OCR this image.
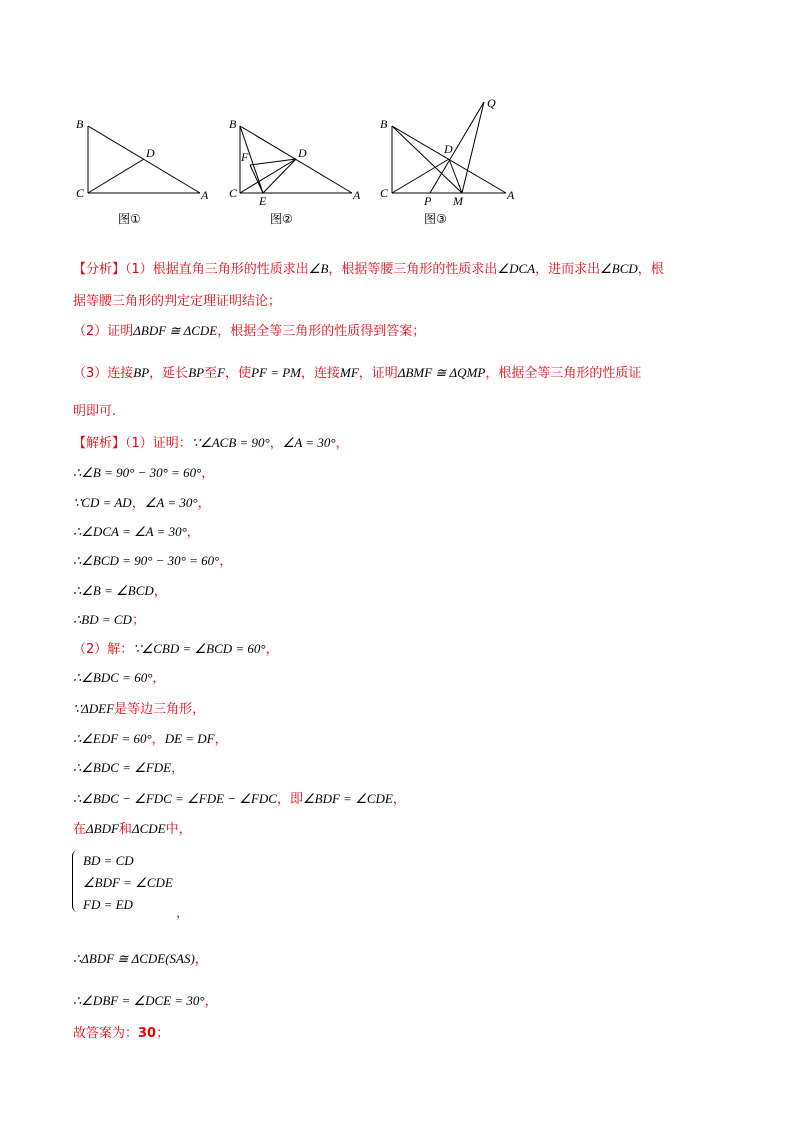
B
C
D
A
图①
B
F	D
C
E	A
图②
Q
B
D
C
P M	A
图③
【分析】（1）根据直角三角形的性质求出∠B，根据等腰三角形的性质求出∠DCA，进而求出∠BCD，根
据等腰三角形的判定定理证明结论；
（2）证明ΔBDF ≅ ΔCDE，根据全等三角形的性质得到答案；
（3）连接BP，延长BP至F，使PF = PM，连接MF，证明ΔBMF ≅ ΔQMP，根据全等三角形的性质证
明即可.
【解析】（1）证明：∵∠ACB = 90°，∠A = 30°，
∴∠B = 90° − 30° = 60°，
∵CD = AD，∠A = 30°，
∴∠DCA = ∠A = 30°，
∴∠BCD = 90° − 30° = 60°，
∴∠B = ∠BCD，
∴BD = CD；
（2）解：∵∠CBD = ∠BCD = 60°，
∴∠BDC = 60°，
∵ΔDEF是等边三角形，
∴∠EDF = 60°，DE = DF，
∴∠BDC = ∠FDE，
∴∠BDC − ∠FDC = ∠FDE − ∠FDC，即∠BDF = ∠CDE，
在ΔBDF和ΔCDE中，
BD = CD
∠BDF = ∠CDE
FD = ED
，
∴ΔBDF ≅ ΔCDE(SAS)，
∴∠DBF = ∠DCE = 30°，
故答案为：30；
